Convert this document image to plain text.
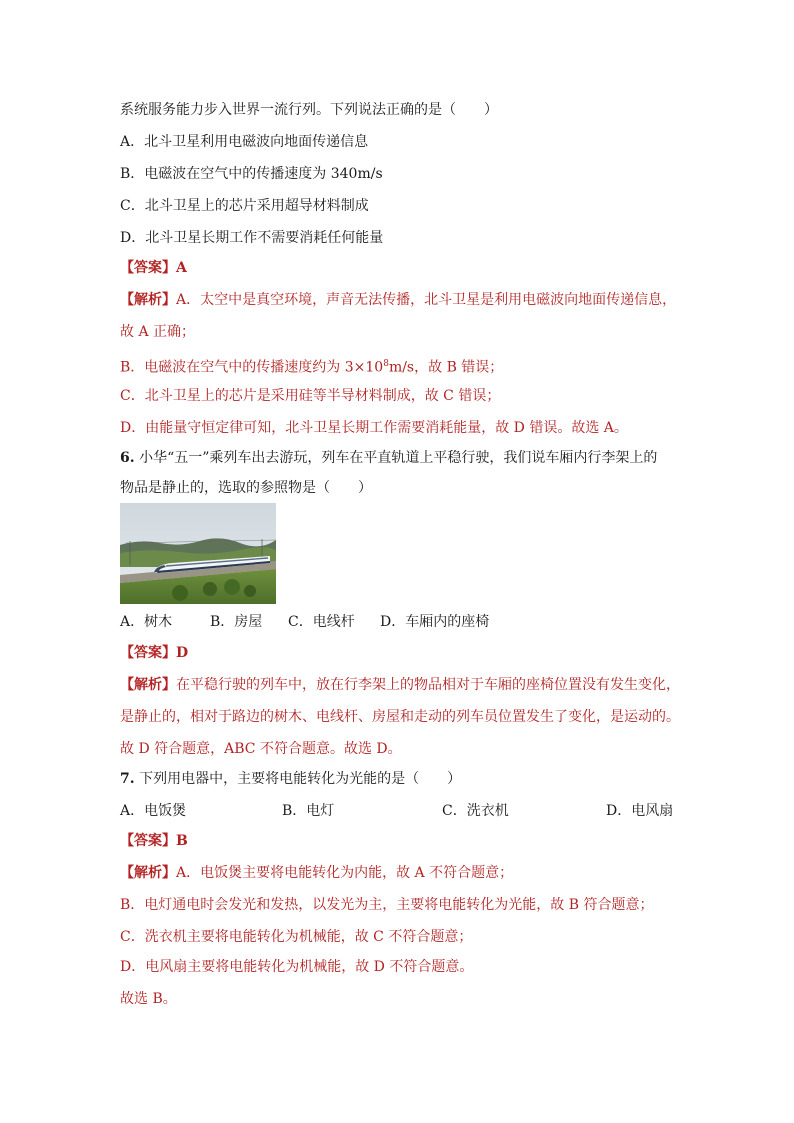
系统服务能力步入世界一流行列。下列说法正确的是（　　）
A．北斗卫星利用电磁波向地面传递信息
B．电磁波在空气中的传播速度为 340m/s
C．北斗卫星上的芯片采用超导材料制成
D．北斗卫星长期工作不需要消耗任何能量
【答案】A
【解析】A．太空中是真空环境，声音无法传播，北斗卫星是利用电磁波向地面传递信息，
故 A 正确；
B．电磁波在空气中的传播速度约为 $3\times 10^8m/s$，故 B 错误；
C．北斗卫星上的芯片是采用硅等半导材料制成，故 C 错误；
D．由能量守恒定律可知，北斗卫星长期工作需要消耗能量，故 D 错误。故选 A。
6. 小华“五一”乘列车出去游玩，列车在平直轨道上平稳行驶，我们说车厢内行李架上的
物品是静止的，选取的参照物是（　　）
A．树木	B．房屋 C．电线杆 D．车厢内的座椅
【答案】D
【解析】在平稳行驶的列车中，放在行李架上的物品相对于车厢的座椅位置没有发生变化，
是静止的，相对于路边的树木、电线杆、房屋和走动的列车员位置发生了变化，是运动的。
故 D 符合题意，ABC 不符合题意。故选 D。
7. 下列用电器中，主要将电能转化为光能的是（　　）
A．电饭煲	B．电灯	C．洗衣机	D．电风扇
【答案】B
【解析】A．电饭煲主要将电能转化为内能，故 A 不符合题意；
B．电灯通电时会发光和发热，以发光为主，主要将电能转化为光能，故 B 符合题意；
C．洗衣机主要将电能转化为机械能，故 C 不符合题意；
D．电风扇主要将电能转化为机械能，故 D 不符合题意。
故选 B。
